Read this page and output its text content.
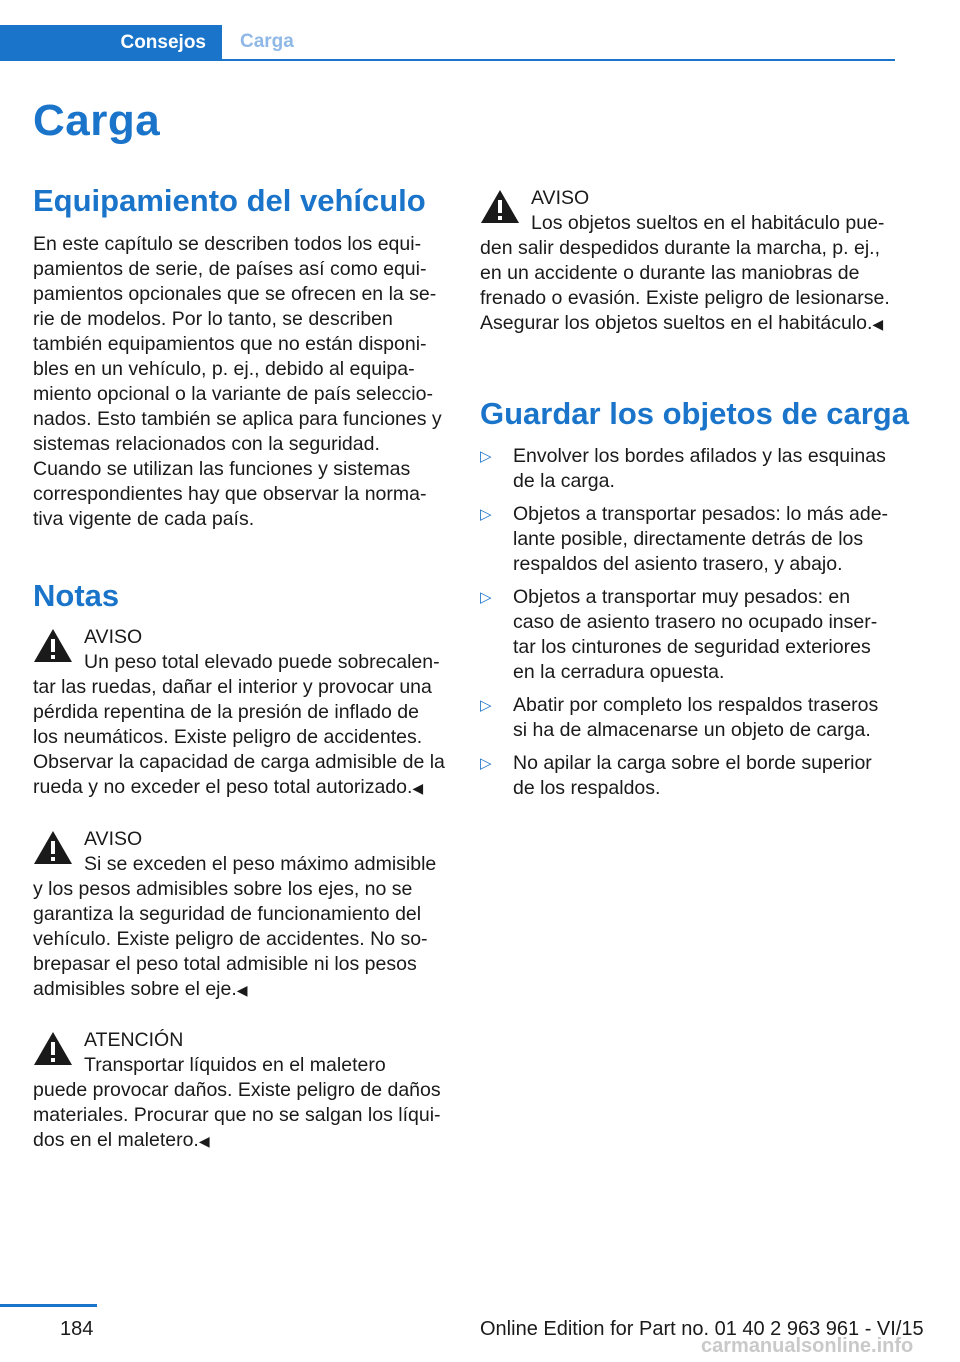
Consejos	Carga
Carga
Equipamiento del vehículo

En este capítulo se describen todos los equi-
pamientos de serie, de países así como equi-
pamientos opcionales que se ofrecen en la se-
rie de modelos. Por lo tanto, se describen
también equipamientos que no están disponi-
bles en un vehículo, p. ej., debido al equipa-
miento opcional o la variante de país seleccio-
nados. Esto también se aplica para funciones y
sistemas relacionados con la seguridad.
Cuando se utilizan las funciones y sistemas
correspondientes hay que observar la norma-
tiva vigente de cada país.

Notas
AVISO

Un peso total elevado puede sobrecalen-
tar las ruedas, dañar el interior y provocar una
pérdida repentina de la presión de inflado de
los neumáticos. Existe peligro de accidentes.
Observar la capacidad de carga admisible de la
rueda y no exceder el peso total autorizado.◀

AVISO

Si se exceden el peso máximo admisible
y los pesos admisibles sobre los ejes, no se
garantiza la seguridad de funcionamiento del
vehículo. Existe peligro de accidentes. No so-
brepasar el peso total admisible ni los pesos
admisibles sobre el eje.◀

ATENCIÓN

Transportar líquidos en el maletero
puede provocar daños. Existe peligro de daños
materiales. Procurar que no se salgan los líqui-
dos en el maletero.◀

AVISO

Los objetos sueltos en el habitáculo pue-
den salir despedidos durante la marcha, p. ej.,
en un accidente o durante las maniobras de
frenado o evasión. Existe peligro de lesionarse.
Asegurar los objetos sueltos en el habitáculo.◀

Guardar los objetos de carga
▷ Envolver los bordes afilados y las esquinas
de la carga.
▷ Objetos a transportar pesados: lo más ade-
lante posible, directamente detrás de los
respaldos del asiento trasero, y abajo.
▷ Objetos a transportar muy pesados: en
caso de asiento trasero no ocupado inser-
tar los cinturones de seguridad exteriores
en la cerradura opuesta.
▷ Abatir por completo los respaldos traseros
si ha de almacenarse un objeto de carga.
▷ No apilar la carga sobre el borde superior
de los respaldos.
184	Online Edition for Part no. 01 40 2 963 961 - VI/15
carmanualsonline.info
